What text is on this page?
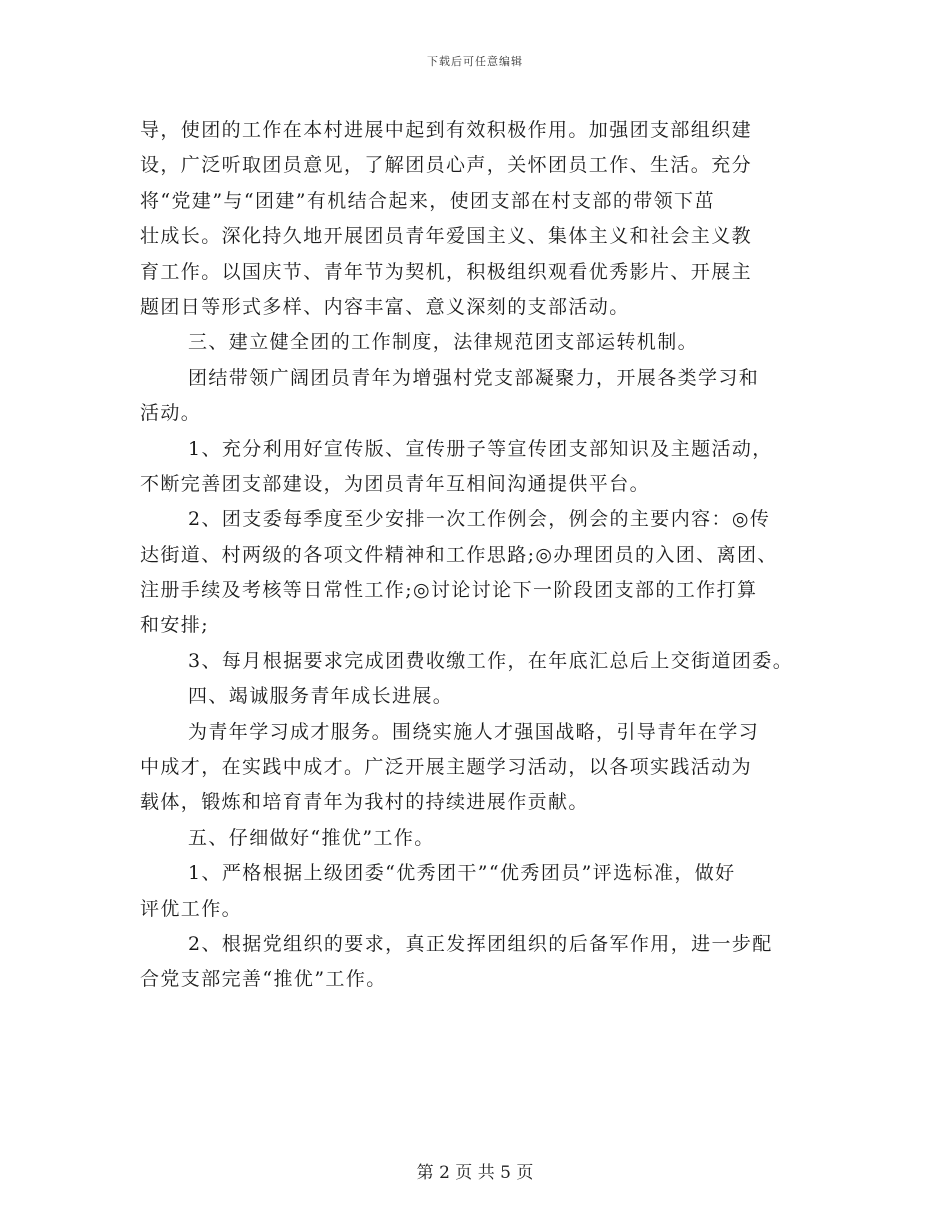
下载后可任意编辑
导，使团的工作在本村进展中起到有效积极作用。加强团支部组织建
设，广泛听取团员意见，了解团员心声，关怀团员工作、生活。充分
将“党建”与“团建”有机结合起来，使团支部在村支部的带领下茁
壮成长。深化持久地开展团员青年爱国主义、集体主义和社会主义教
育工作。以国庆节、青年节为契机，积极组织观看优秀影片、开展主
题团日等形式多样、内容丰富、意义深刻的支部活动。
三、建立健全团的工作制度，法律规范团支部运转机制。
团结带领广阔团员青年为增强村党支部凝聚力，开展各类学习和
活动。
1、充分利用好宣传版、宣传册子等宣传团支部知识及主题活动，
不断完善团支部建设，为团员青年互相间沟通提供平台。
2、团支委每季度至少安排一次工作例会，例会的主要内容：◎传
达街道、村两级的各项文件精神和工作思路;◎办理团员的入团、离团、
注册手续及考核等日常性工作;◎讨论讨论下一阶段团支部的工作打算
和安排;
3、每月根据要求完成团费收缴工作，在年底汇总后上交街道团委。
四、竭诚服务青年成长进展。
为青年学习成才服务。围绕实施人才强国战略，引导青年在学习
中成才，在实践中成才。广泛开展主题学习活动，以各项实践活动为
载体，锻炼和培育青年为我村的持续进展作贡献。
五、仔细做好“推优”工作。
1、严格根据上级团委“优秀团干”“优秀团员”评选标准，做好
评优工作。
2、根据党组织的要求，真正发挥团组织的后备军作用，进一步配
合党支部完善“推优”工作。
第 2 页 共 5 页
